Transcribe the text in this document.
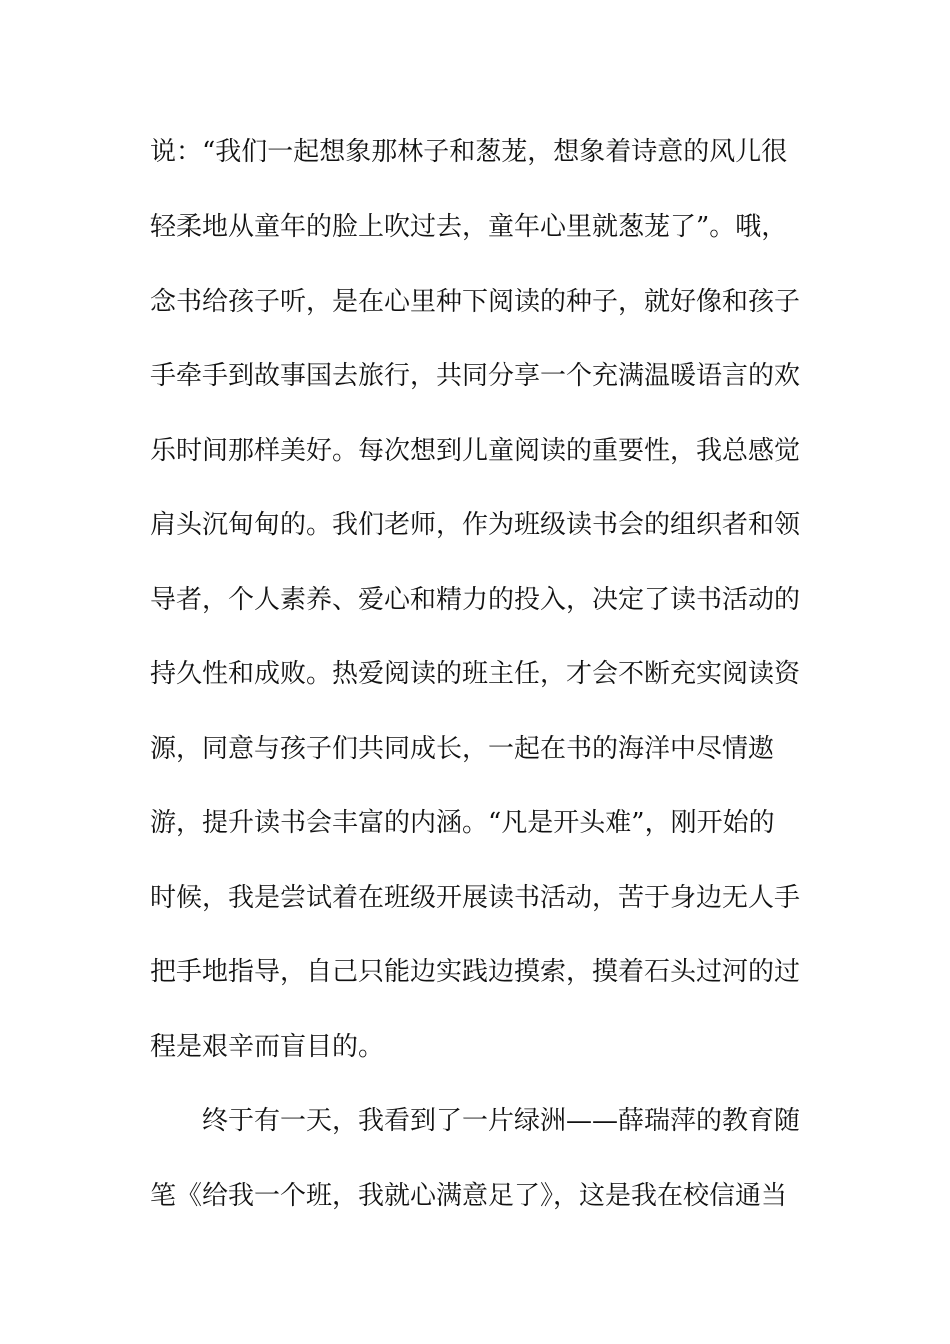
说：“我们一起想象那林子和葱茏，想象着诗意的风儿很
轻柔地从童年的脸上吹过去，童年心里就葱茏了”。哦，
念书给孩子听，是在心里种下阅读的种子，就好像和孩子
手牵手到故事国去旅行，共同分享一个充满温暖语言的欢
乐时间那样美好。每次想到儿童阅读的重要性，我总感觉
肩头沉甸甸的。我们老师，作为班级读书会的组织者和领
导者，个人素养、爱心和精力的投入，决定了读书活动的
持久性和成败。热爱阅读的班主任，才会不断充实阅读资
源，同意与孩子们共同成长，一起在书的海洋中尽情遨
游，提升读书会丰富的内涵。“凡是开头难”，刚开始的
时候，我是尝试着在班级开展读书活动，苦于身边无人手
把手地指导，自己只能边实践边摸索，摸着石头过河的过
程是艰辛而盲目的。
终于有一天，我看到了一片绿洲——薛瑞萍的教育随
笔《给我一个班，我就心满意足了》，这是我在校信通当
